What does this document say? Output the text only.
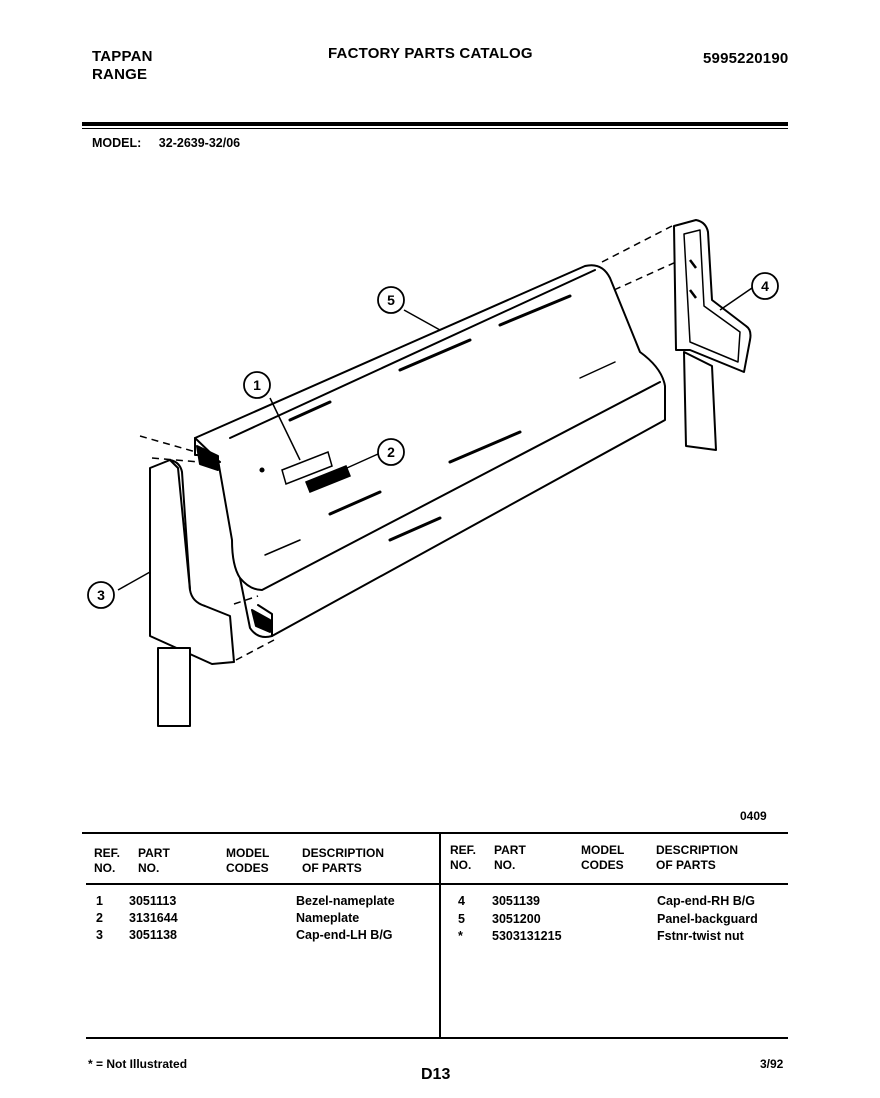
TAPPAN
RANGE
FACTORY PARTS CATALOG	5995220190
MODEL: 32-2639-32/06
1
2
3
4
5
0409
REF.
NO.
PART
NO.
MODEL
CODES
DESCRIPTION
OF PARTS
REF.
NO.
PART
NO.
MODEL
CODES
DESCRIPTION
OF PARTS
1 3051113	Bezel-nameplate
2 3131644	Nameplate
3 3051138	Cap-end-LH B/G
4 3051139	Cap-end-RH B/G
5 3051200	Panel-backguard
* 5303131215	Fstnr-twist nut
* = Not Illustrated
D13
3/92
